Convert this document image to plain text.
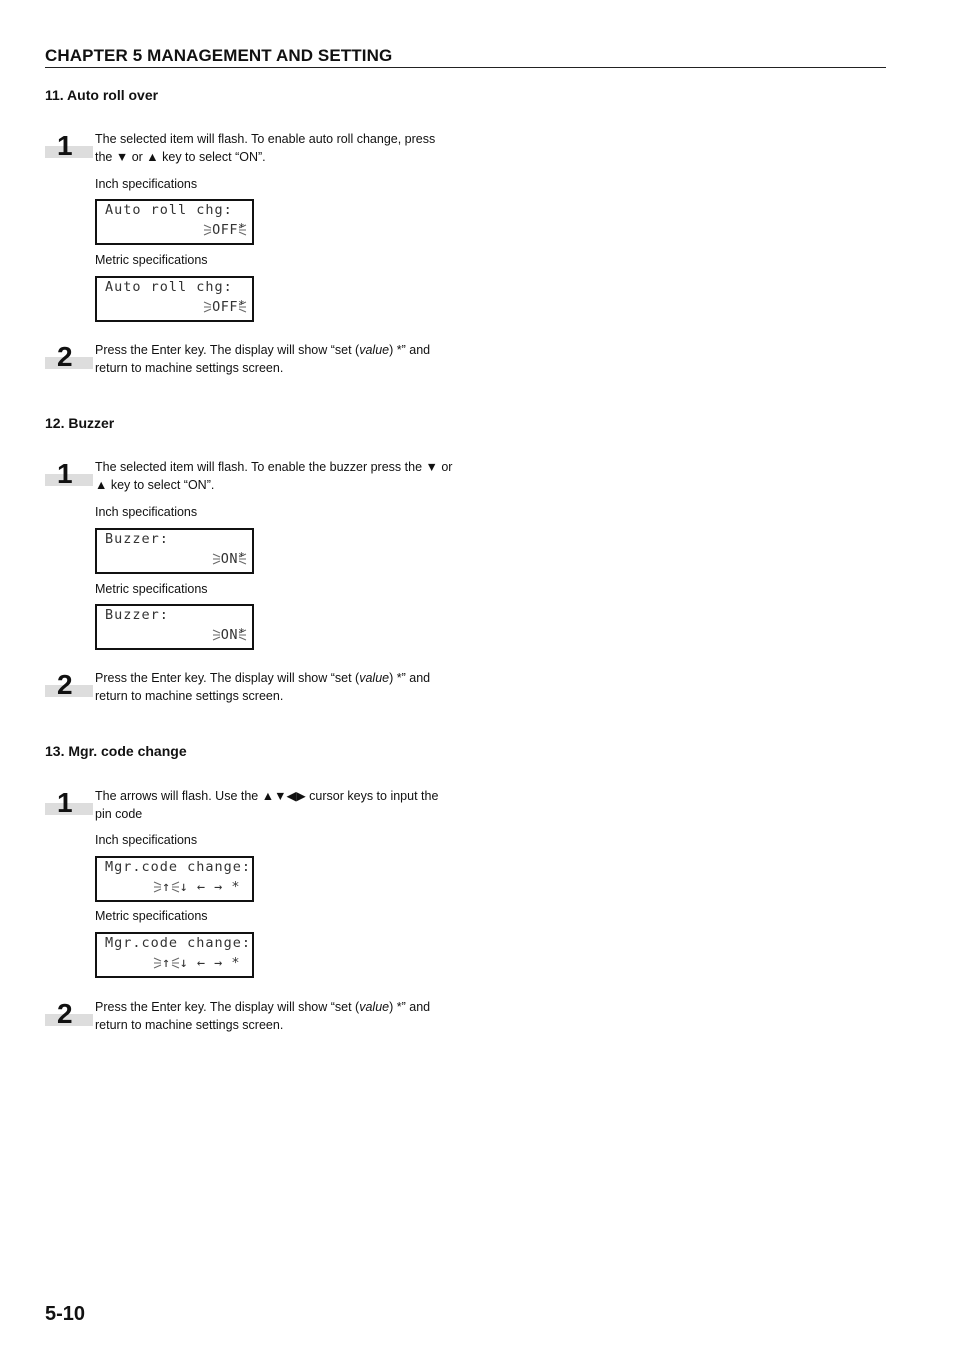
CHAPTER 5 MANAGEMENT AND SETTING
11. Auto roll over
1 The selected item will flash. To enable auto roll change, press the ▼ or ▲ key to select “ON”.
Inch specifications
Auto roll chg:
OFF *
Metric specifications
Auto roll chg:
OFF *
2 Press the Enter key. The display will show “set (value) *” and return to machine settings screen.
12. Buzzer
1 The selected item will flash. To enable the buzzer press the ▼ or ▲ key to select “ON”.
Inch specifications
Buzzer:
ON *
Metric specifications
Buzzer:
ON *
2 Press the Enter key. The display will show “set (value) *” and return to machine settings screen.
13. Mgr. code change
1 The arrows will flash. Use the ▲▼◀▶ cursor keys to input the pin code
Inch specifications
Mgr.code change:
↑ ↓ ← → *
Metric specifications
Mgr.code change:
↑ ↓ ← → *
2 Press the Enter key. The display will show “set (value) *” and return to machine settings screen.
5-10
